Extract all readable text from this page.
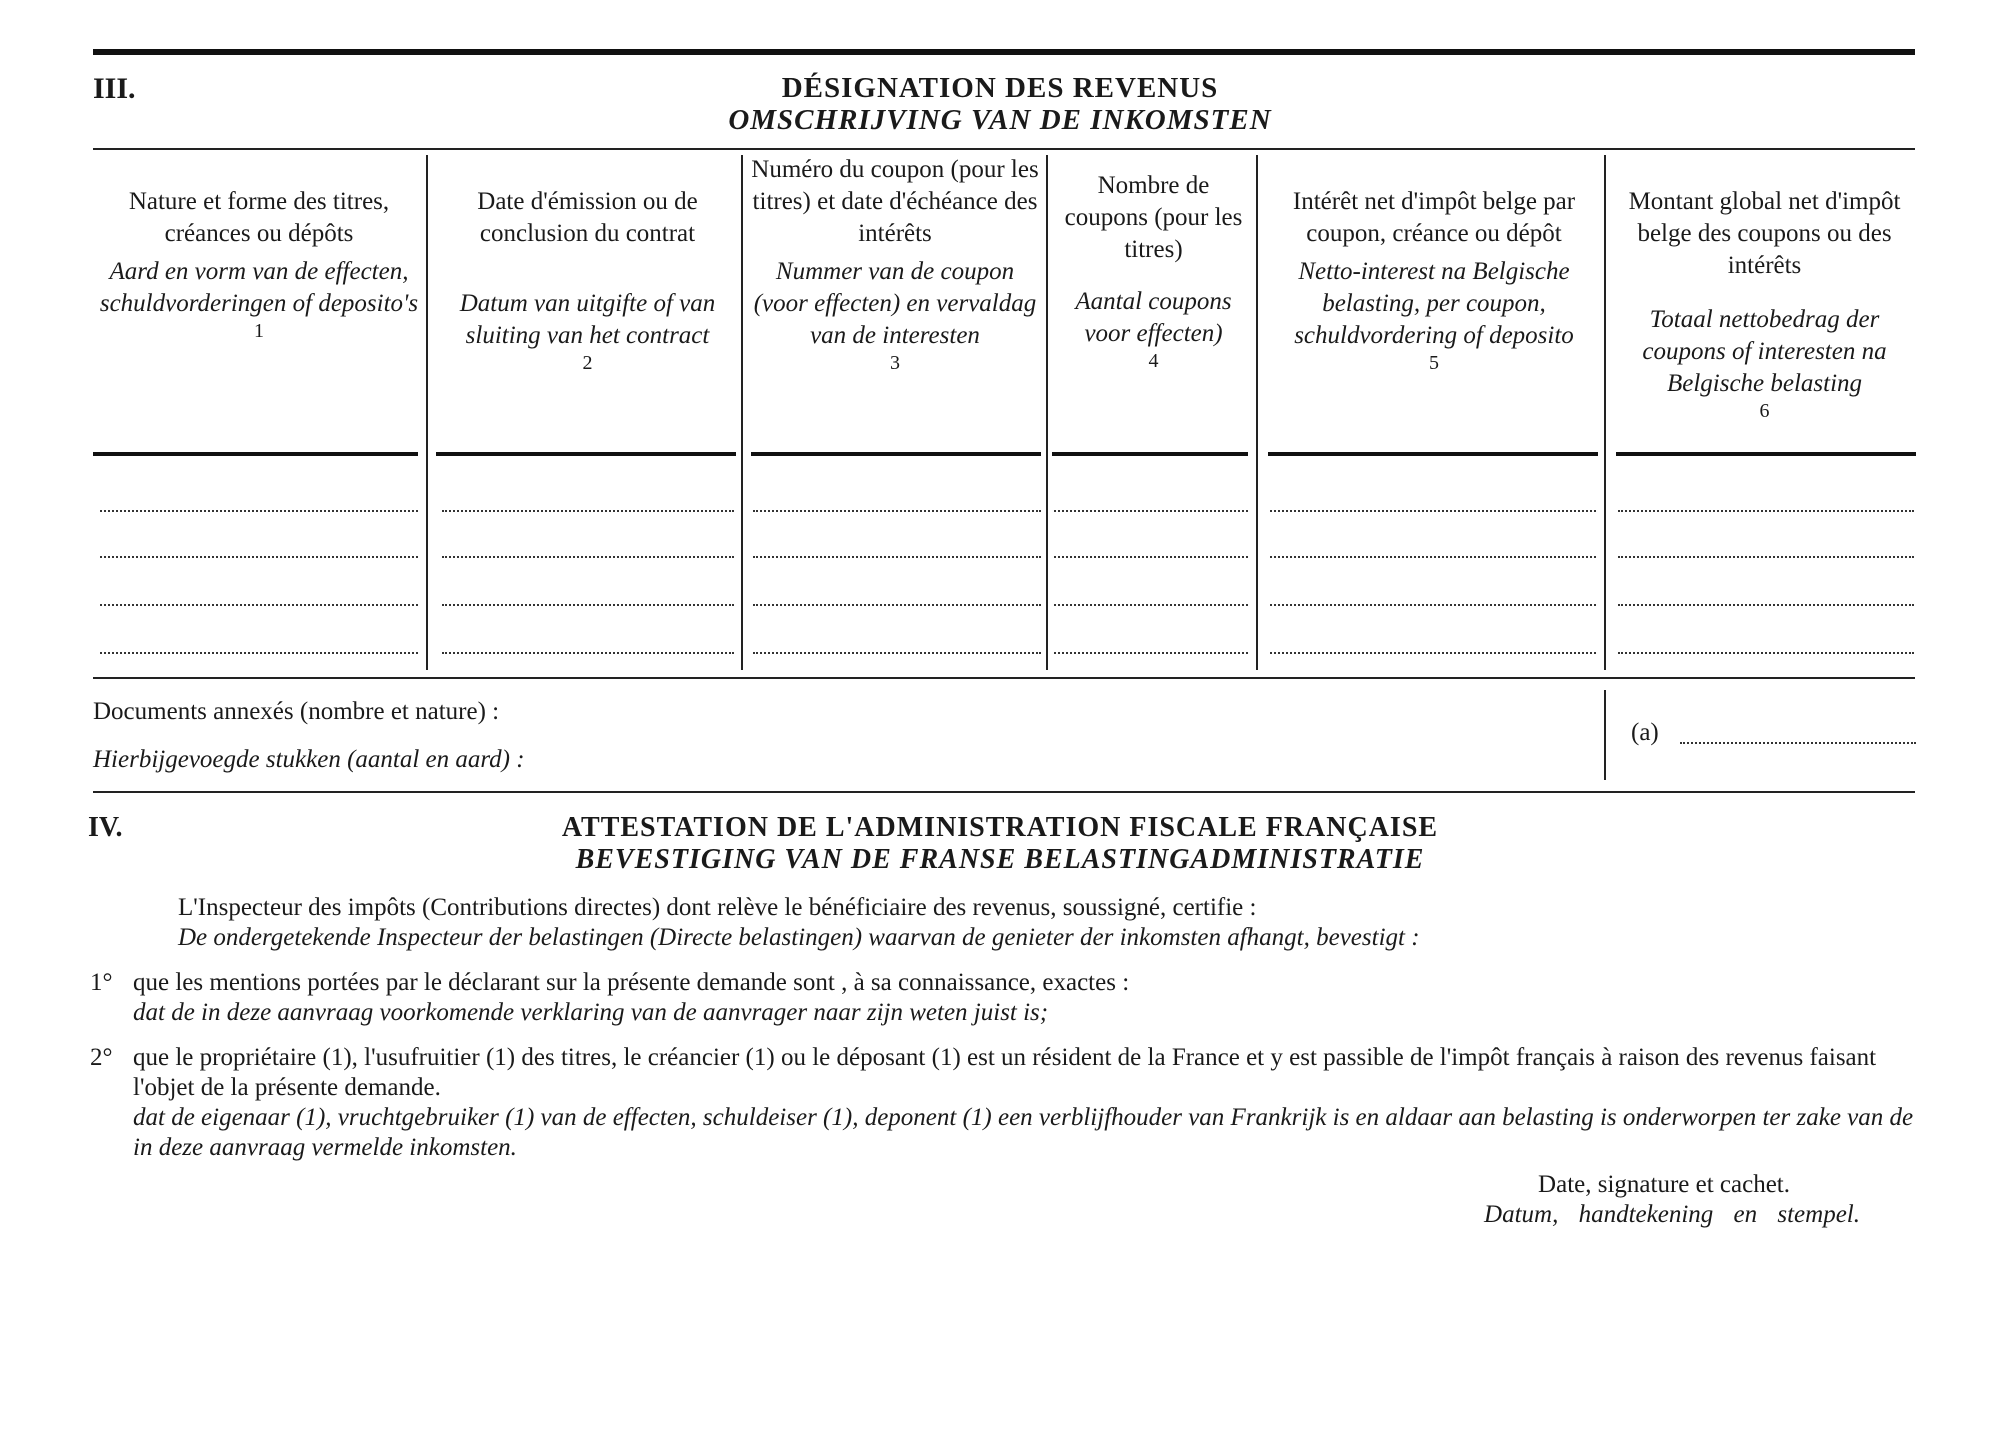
III.	DÉSIGNATION DES REVENUS
OMSCHRIJVING VAN DE INKOMSTEN
Nature et forme des titres, créances ou dépôts
Aard en vorm van de effecten, schuldvorderingen of deposito's
1
Date d'émission ou de conclusion du contrat
Datum van uitgifte of van sluiting van het contract
2
Numéro du coupon (pour les titres) et date d'échéance des intérêts
Nummer van de coupon (voor effecten) en vervaldag van de interesten
3
Nombre de coupons (pour les titres)
Aantal coupons voor effecten)
4
Intérêt net d'impôt belge par coupon, créance ou dépôt
Netto-interest na Belgische belasting, per coupon, schuldvordering of deposito
5
Montant global net d'impôt belge des coupons ou des intérêts
Totaal nettobedrag der coupons of interesten na Belgische belasting
6
Documents annexés (nombre et nature) :
Hierbijgevoegde stukken (aantal en aard) :
(a)
IV.	ATTESTATION DE L'ADMINISTRATION FISCALE FRANÇAISE
BEVESTIGING VAN DE FRANSE BELASTINGADMINISTRATIE
L'Inspecteur des impôts (Contributions directes) dont relève le bénéficiaire des revenus, soussigné, certifie :
De ondergetekende Inspecteur der belastingen (Directe belastingen) waarvan de genieter der inkomsten afhangt, bevestigt :
1° que les mentions portées par le déclarant sur la présente demande sont , à sa connaissance, exactes :
dat de in deze aanvraag voorkomende verklaring van de aanvrager naar zijn weten juist is;
2° que le propriétaire (1), l'usufruitier (1) des titres, le créancier (1) ou le déposant (1) est un résident de la France et y est passible de l'impôt français à raison des revenus faisant l'objet de la présente demande.
dat de eigenaar (1), vruchtgebruiker (1) van de effecten, schuldeiser (1), deponent (1) een verblijfhouder van Frankrijk is en aldaar aan belasting is onderworpen ter zake van de in deze aanvraag vermelde inkomsten.
Date, signature et cachet.
Datum, handtekening en stempel.
